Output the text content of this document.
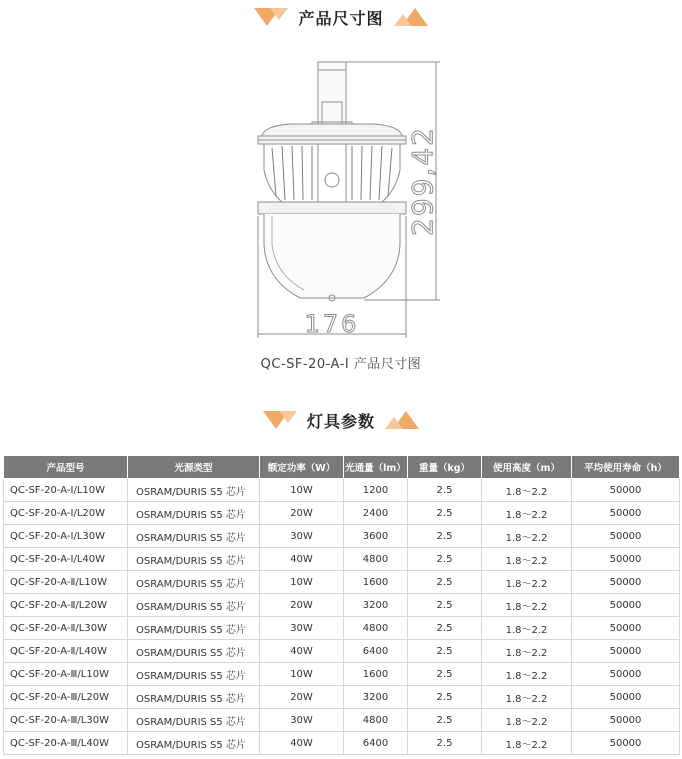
产品尺寸图
299,42
176
QC-SF-20-A-Ⅰ 产品尺寸图
灯具参数
产品型号	光源类型	额定功率（W）	光通量（lm）	重量（kg）	使用高度（m）	平均使用寿命（h）
QC-SF-20-A-Ⅰ/L10W	OSRAM/DURIS S5 芯片	10W	1200	2.5	1.8～2.2	50000
QC-SF-20-A-Ⅰ/L20W	OSRAM/DURIS S5 芯片	20W	2400	2.5	1.8～2.2	50000
QC-SF-20-A-Ⅰ/L30W	OSRAM/DURIS S5 芯片	30W	3600	2.5	1.8～2.2	50000
QC-SF-20-A-Ⅰ/L40W	OSRAM/DURIS S5 芯片	40W	4800	2.5	1.8～2.2	50000
QC-SF-20-A-Ⅱ/L10W	OSRAM/DURIS S5 芯片	10W	1600	2.5	1.8～2.2	50000
QC-SF-20-A-Ⅱ/L20W	OSRAM/DURIS S5 芯片	20W	3200	2.5	1.8～2.2	50000
QC-SF-20-A-Ⅱ/L30W	OSRAM/DURIS S5 芯片	30W	4800	2.5	1.8～2.2	50000
QC-SF-20-A-Ⅱ/L40W	OSRAM/DURIS S5 芯片	40W	6400	2.5	1.8～2.2	50000
QC-SF-20-A-Ⅲ/L10W	OSRAM/DURIS S5 芯片	10W	1600	2.5	1.8～2.2	50000
QC-SF-20-A-Ⅲ/L20W	OSRAM/DURIS S5 芯片	20W	3200	2.5	1.8～2.2	50000
QC-SF-20-A-Ⅲ/L30W	OSRAM/DURIS S5 芯片	30W	4800	2.5	1.8～2.2	50000
QC-SF-20-A-Ⅲ/L40W	OSRAM/DURIS S5 芯片	40W	6400	2.5	1.8～2.2	50000
